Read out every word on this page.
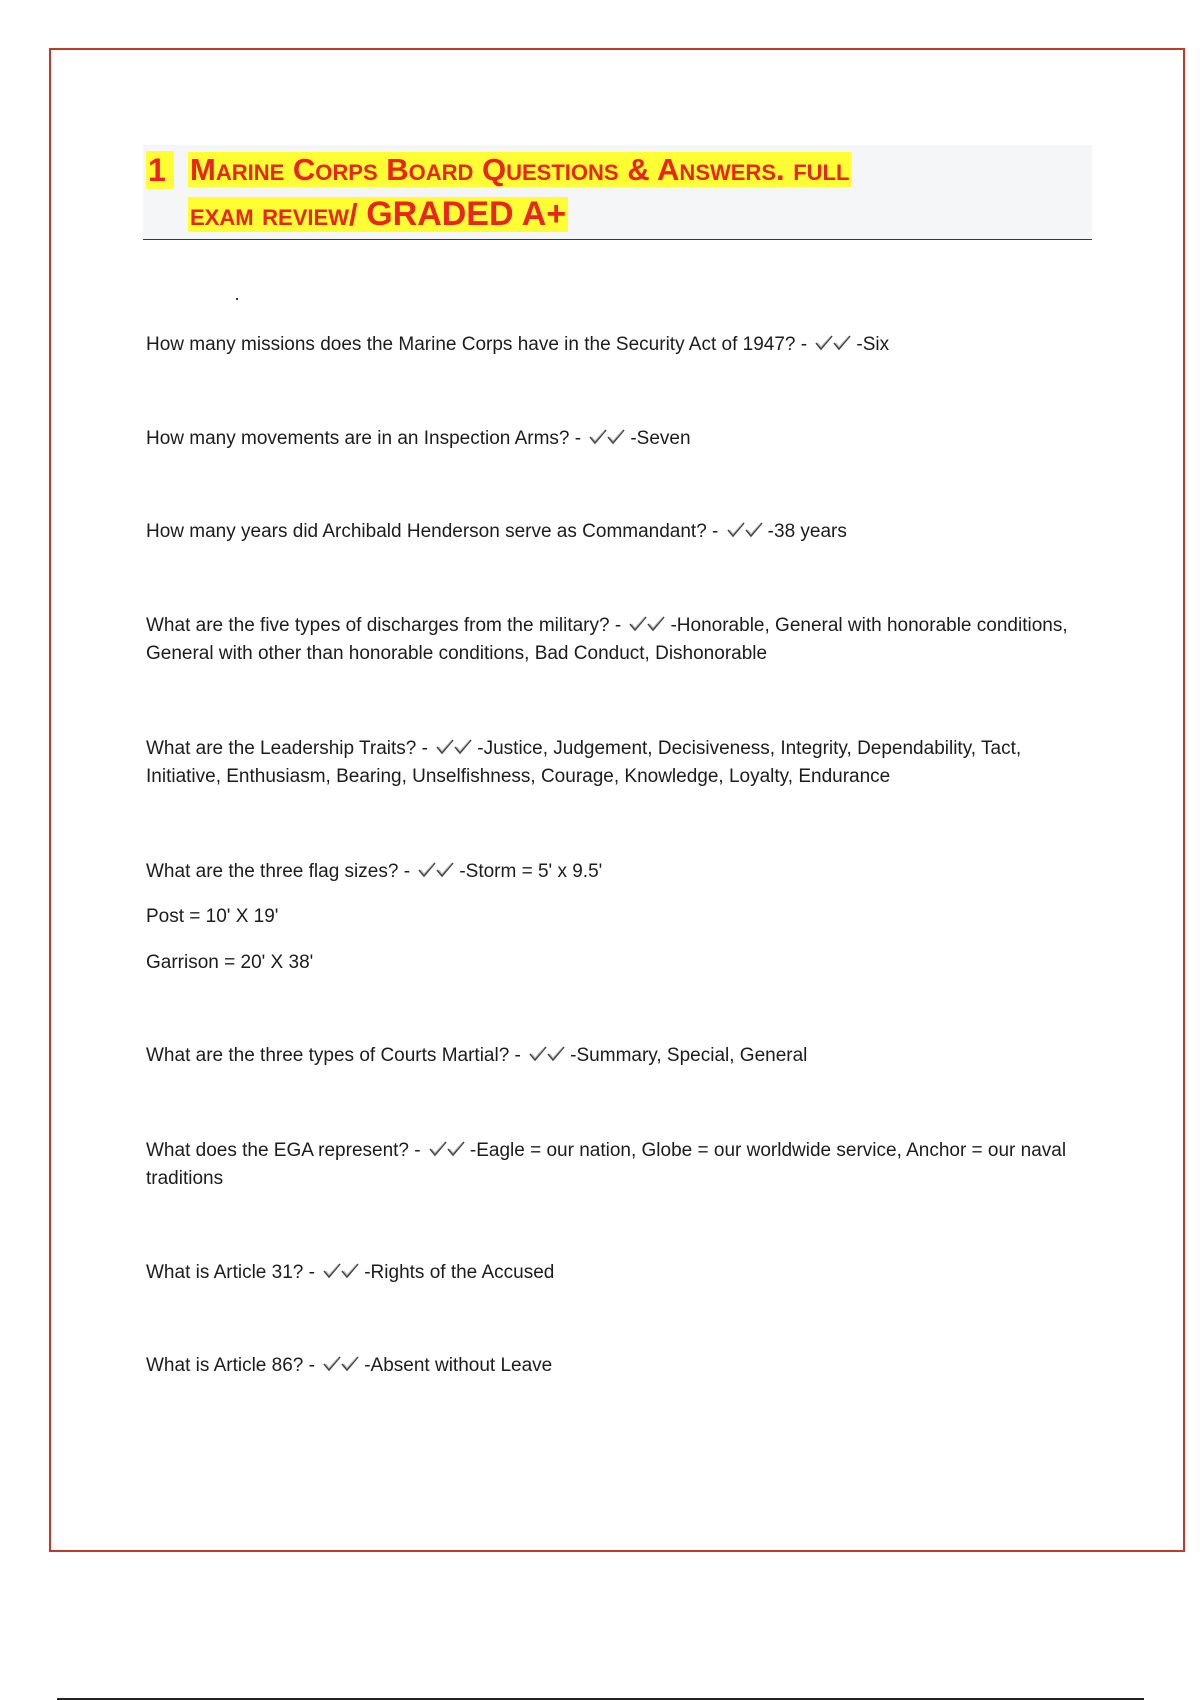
1 Marine Corps Board Questions & Answers. full
exam review/ GRADED A+
How many missions does the Marine Corps have in the Security Act of 1947? -
-Six
How many movements are in an Inspection Arms? -
-Seven
How many years did Archibald Henderson serve as Commandant? -
-38 years
What are the five types of discharges from the military? -
-Honorable, General with honorable conditions, General with other than honorable conditions, Bad Conduct, Dishonorable
What are the Leadership Traits? -
-Justice, Judgement, Decisiveness, Integrity, Dependability, Tact, Initiative, Enthusiasm, Bearing, Unselfishness, Courage, Knowledge, Loyalty, Endurance
What are the three flag sizes? -
-Storm = 5' x 9.5'
Post = 10' X 19'
Garrison = 20' X 38'
What are the three types of Courts Martial? -
-Summary, Special, General
What does the EGA represent? -
-Eagle = our nation, Globe = our worldwide service, Anchor = our naval traditions
What is Article 31? -
-Rights of the Accused
What is Article 86? -
-Absent without Leave
